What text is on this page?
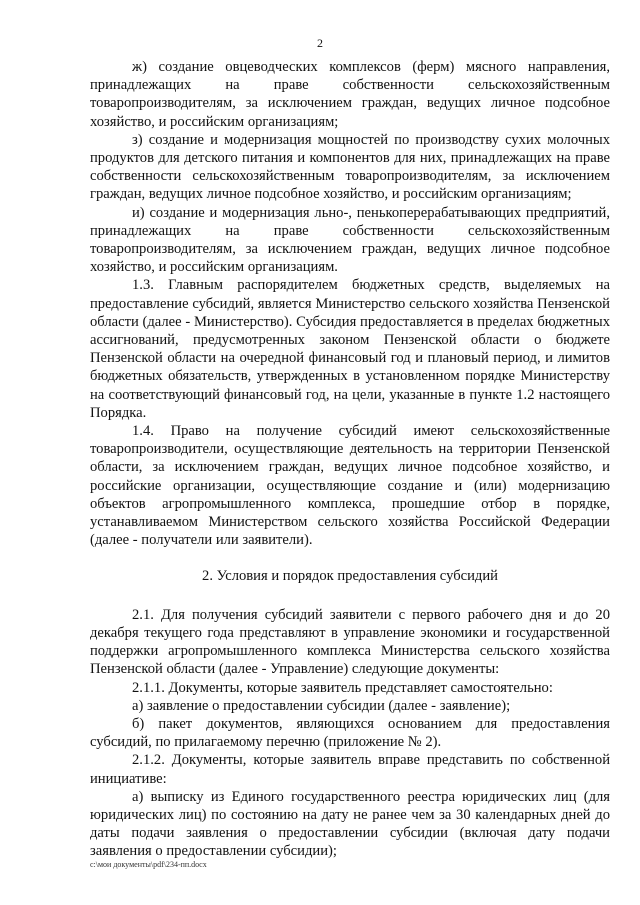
2

ж) создание овцеводческих комплексов (ферм) мясного направления, принадлежащих на праве собственности сельскохозяйственным товаропроизводителям, за исключением граждан, ведущих личное подсобное хозяйство, и российским организациям;

з) создание и модернизация мощностей по производству сухих молочных продуктов для детского питания и компонентов для них, принадлежащих на праве собственности сельскохозяйственным товаропроизводителям, за исключением граждан, ведущих личное подсобное хозяйство, и российским организациям;

и) создание и модернизация льно-, пенькоперерабатывающих предприятий, принадлежащих на праве собственности сельскохозяйственным товаропроизводителям, за исключением граждан, ведущих личное подсобное хозяйство, и российским организациям.

1.3. Главным распорядителем бюджетных средств, выделяемых на предоставление субсидий, является Министерство сельского хозяйства Пензенской области (далее - Министерство). Субсидия предоставляется в пределах бюджетных ассигнований, предусмотренных законом Пензенской области о бюджете Пензенской области на очередной финансовый год и плановый период, и лимитов бюджетных обязательств, утвержденных в установленном порядке Министерству на соответствующий финансовый год, на цели, указанные в пункте 1.2 настоящего Порядка.

1.4. Право на получение субсидий имеют сельскохозяйственные товаропроизводители, осуществляющие деятельность на территории Пензенской области, за исключением граждан, ведущих личное подсобное хозяйство, и российские организации, осуществляющие создание и (или) модернизацию объектов агропромышленного комплекса, прошедшие отбор в порядке, устанавливаемом Министерством сельского хозяйства Российской Федерации (далее - получатели или заявители).

2. Условия и порядок предоставления субсидий

2.1. Для получения субсидий заявители с первого рабочего дня и до 20 декабря текущего года представляют в управление экономики и государственной поддержки агропромышленного комплекса Министерства сельского хозяйства Пензенской области (далее - Управление) следующие документы:

2.1.1. Документы, которые заявитель представляет самостоятельно:

а) заявление о предоставлении субсидии (далее - заявление);

б) пакет документов, являющихся основанием для предоставления субсидий, по прилагаемому перечню (приложение № 2).

2.1.2. Документы, которые заявитель вправе представить по собственной инициативе:

а) выписку из Единого государственного реестра юридических лиц (для юридических лиц) по состоянию на дату не ранее чем за 30 календарных дней до даты подачи заявления о предоставлении субсидии (включая дату подачи заявления о предоставлении субсидии);

c:\мои документы\pdf\234-пп.docx
